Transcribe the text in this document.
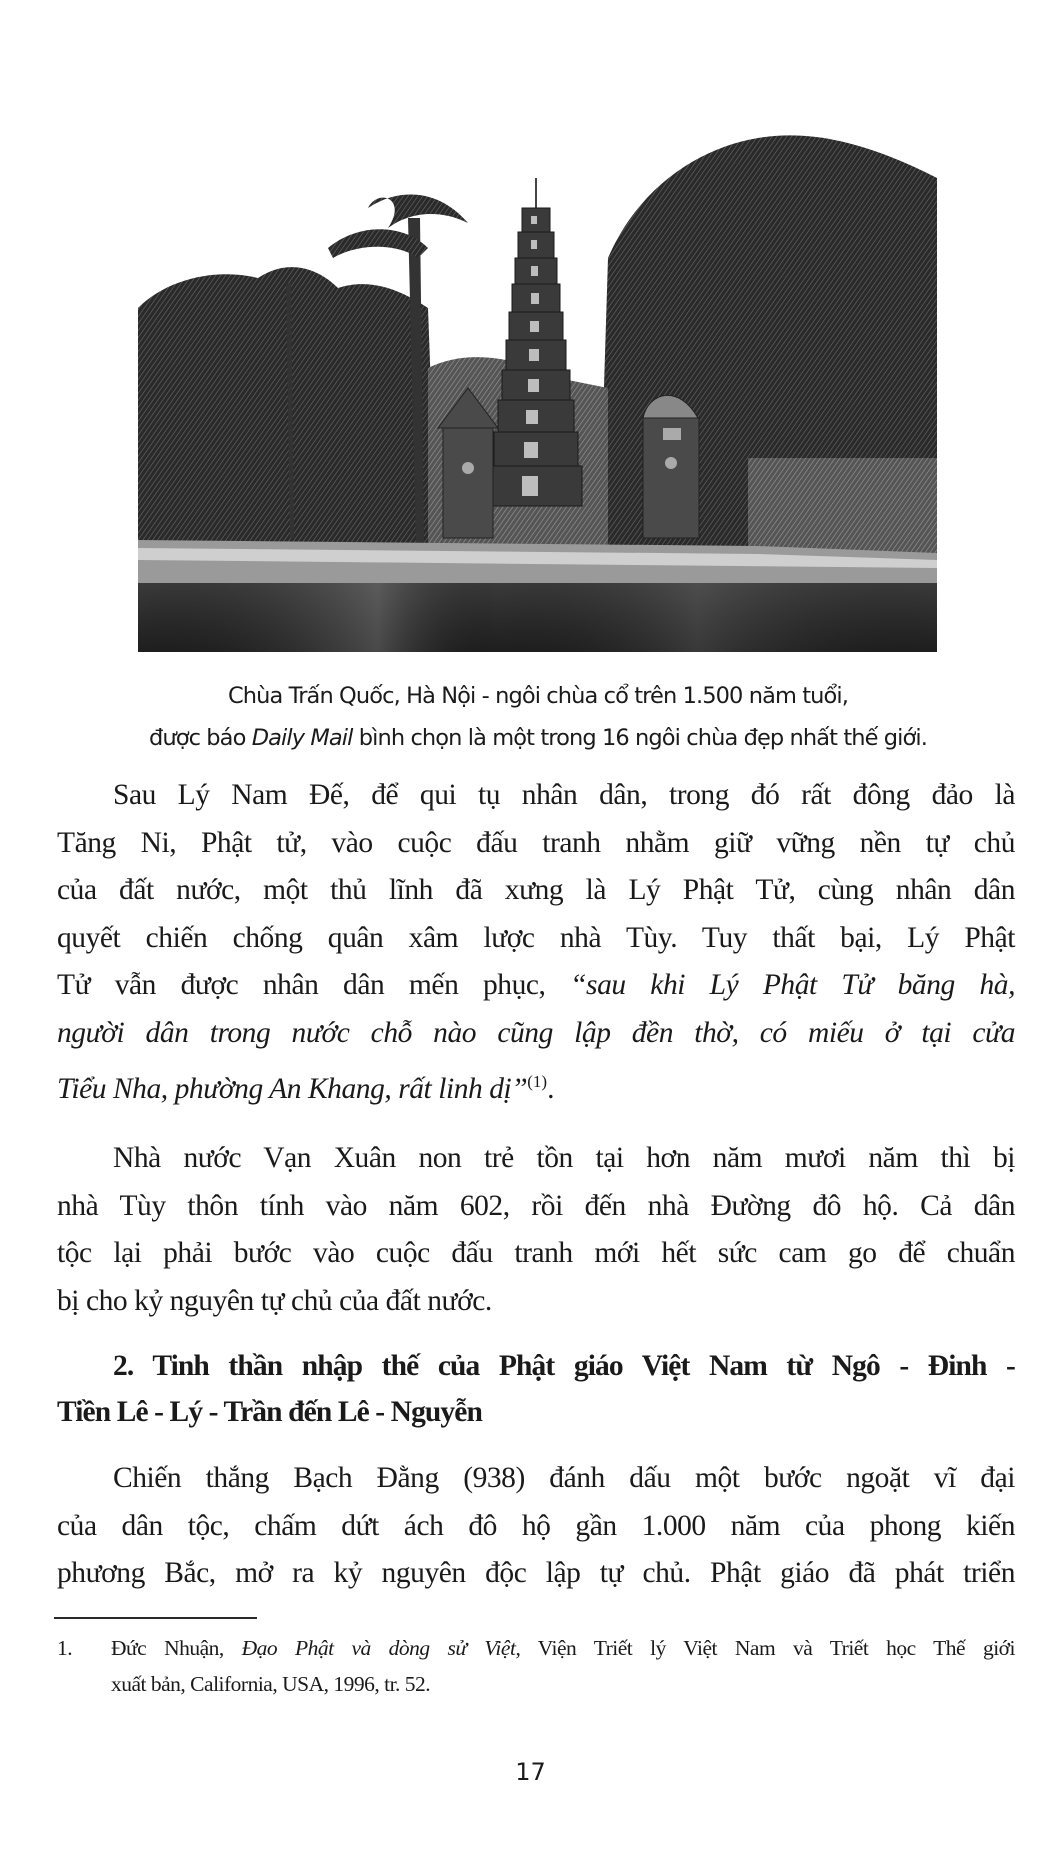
Chùa Trấn Quốc, Hà Nội - ngôi chùa cổ trên 1.500 năm tuổi,
được báo Daily Mail bình chọn là một trong 16 ngôi chùa đẹp nhất thế giới.
Sau Lý Nam Đế, để qui tụ nhân dân, trong đó rất đông đảo là
Tăng Ni, Phật tử, vào cuộc đấu tranh nhằm giữ vững nền tự chủ
của đất nước, một thủ lĩnh đã xưng là Lý Phật Tử, cùng nhân dân
quyết chiến chống quân xâm lược nhà Tùy. Tuy thất bại, Lý Phật
Tử vẫn được nhân dân mến phục, “sau khi Lý Phật Tử băng hà,
người dân trong nước chỗ nào cũng lập đền thờ, có miếu ở tại cửa
Tiểu Nha, phường An Khang, rất linh dị”$^{(1)}$.
Nhà nước Vạn Xuân non trẻ tồn tại hơn năm mươi năm thì bị
nhà Tùy thôn tính vào năm 602, rồi đến nhà Đường đô hộ. Cả dân
tộc lại phải bước vào cuộc đấu tranh mới hết sức cam go để chuẩn
bị cho kỷ nguyên tự chủ của đất nước.
2. Tinh thần nhập thế của Phật giáo Việt Nam từ Ngô - Đinh -
Tiền Lê - Lý - Trần đến Lê - Nguyễn
Chiến thắng Bạch Đằng (938) đánh dấu một bước ngoặt vĩ đại
của dân tộc, chấm dứt ách đô hộ gần 1.000 năm của phong kiến
phương Bắc, mở ra kỷ nguyên độc lập tự chủ. Phật giáo đã phát triển
1. Đức Nhuận, Đạo Phật và dòng sử Việt, Viện Triết lý Việt Nam và Triết học Thế giới
xuất bản, California, USA, 1996, tr. 52.
17
